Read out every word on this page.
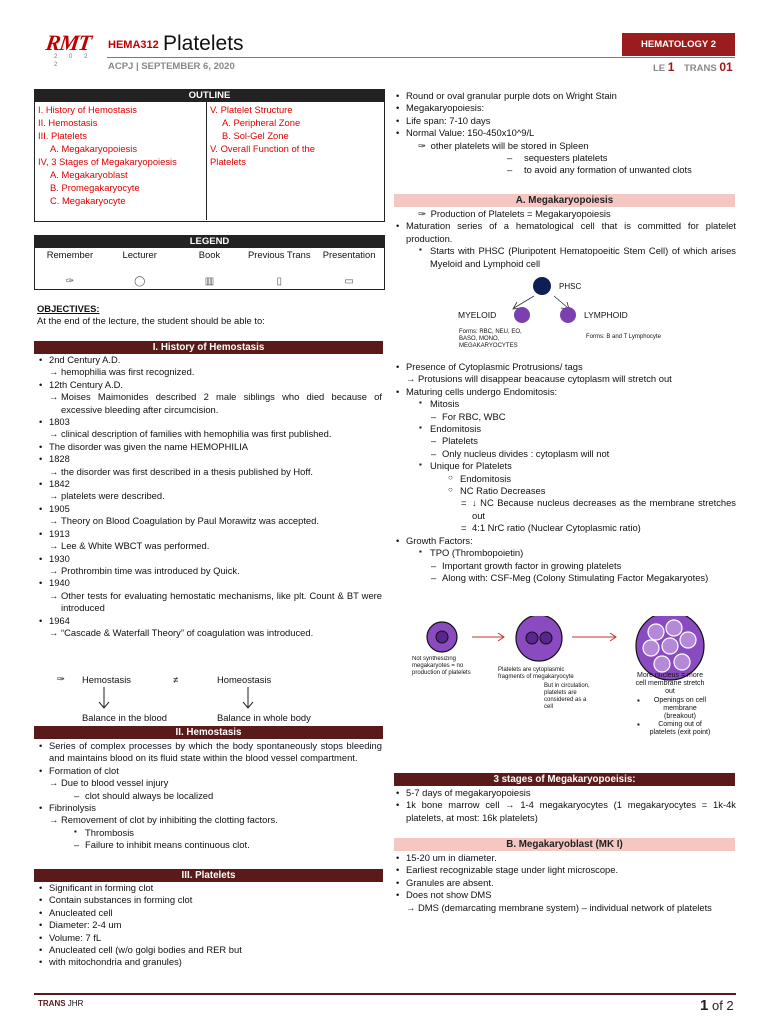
RMT
2 0 2 2
HEMA312 Platelets
ACPJ | SEPTEMBER 6, 2020
HEMATOLOGY 2
LE 1 TRANS 01
OUTLINE
I. History of Hemostasis
II. Hemostasis
III. Platelets
A. Megakaryopoiesis
IV, 3 Stages of Megakaryopoiesis
A. Megakaryoblast
B. Promegakaryocyte
C. Megakaryocyte
V. Platelet Structure
A. Peripheral Zone
B. Sol-Gel Zone
V. Overall Function of the
Platelets
LEGEND
Remember	Lecturer	Book	Previous Trans	Presentation
✑	◯	▥	▯	▭
OBJECTIVES:
At the end of the lecture, the student should be able to:
I. History of Hemostasis
• 2nd Century A.D.
→ hemophilia was first recognized.
• 12th Century A.D.
→ Moises Maimonides described 2 male siblings who died because of excessive bleeding after circumcision.
• 1803
→ clinical description of families with hemophilia was first published.
• The disorder was given the name HEMOPHILIA
• 1828
→ the disorder was first described in a thesis published by Hoff.
• 1842
→ platelets were described.
• 1905
→ Theory on Blood Coagulation by Paul Morawitz was accepted.
• 1913
→ Lee & White WBCT was performed.
• 1930
→ Prothrombin time was introduced by Quick.
• 1940
→ Other tests for evaluating hemostatic mechanisms, like plt. Count & BT were introduced
• 1964
→ “Cascade & Waterfall Theory” of coagulation was introduced.
✑ Hemostasis	≠	Homeostasis
Balance in the blood	Balance in whole body
II. Hemostasis
• Series of complex processes by which the body spontaneously stops bleeding and maintains blood on its fluid state within the blood vessel compartment.
• Formation of clot
→ Due to blood vessel injury
– clot should always be localized
• Fibrinolysis
→ Removement of clot by inhibiting the clotting factors.
▪ Thrombosis
– Failure to inhibit means continuous clot.
III. Platelets
• Significant in forming clot
• Contain substances in forming clot
• Anucleated cell
• Diameter: 2-4 um
• Volume: 7 fL
• Anucleated cell (w/o golgi bodies and RER but
• with mitochondria and granules)
• Round or oval granular purple dots on Wright Stain
• Megakaryopoiesis:
• Life span: 7-10 days
• Normal Value: 150-450x10^9/L
✑ other platelets will be stored in Spleen
– sequesters platelets
– to avoid any formation of unwanted clots
A. Megakaryopoiesis
✑ Production of Platelets = Megakaryopoiesis
• Maturation series of a hematological cell that is committed for platelet production.
▪ Starts with PHSC (Pluripotent Hematopoeitic Stem Cell) of which arises Myeloid and Lymphoid cell
PHSC
MYELOID	LYMPHOID
Forms: RBC, NEU, EO, BASO, MONO, MEGAKARYOCYTES
Forms: B and T Lymphocyte
• Presence of Cytoplasmic Protrusions/ tags
→ Protusions will disappear beacause cytoplasm will stretch out
• Maturing cells undergo Endomitosis:
▪ Mitosis
– For RBC, WBC
▪ Endomitosis
– Platelets
– Only nucleus divides : cytoplasm will not
▪ Unique for Platelets
○ Endomitosis
○ NC Ratio Decreases
= ↓ NC Because nucleus decreases as the membrane stretches out
= 4:1 NrC ratio (Nuclear Cytoplasmic ratio)
• Growth Factors:
▪ TPO (Thrombopoietin)
– Important growth factor in growing platelets
– Along with: CSF-Meg (Colony Stimulating Factor Megakaryotes)
Not synthesizing megakaryotes = no production of platelets	Platelets are cytoplasmic fragments of megakaryocyte
But in circulation, platelets are considered as a cell
More nucleus = more cell membrane stretch out
▪ Openings on cell membrane (breakout)
▪ Coming out of platelets (exit point)
3 stages of Megakaryopoeisis:
• 5-7 days of megakaryopoiesis
• 1k bone marrow cell → 1-4 megakaryocytes (1 megakaryocytes = 1k-4k platelets, at most: 16k platelets)
B. Megakaryoblast (MK I)
• 15-20 um in diameter.
• Earliest recognizable stage under light microscope.
• Granules are absent.
• Does not show DMS
→ DMS (demarcating membrane system) – individual network of platelets
TRANS JHR	1 of 2
